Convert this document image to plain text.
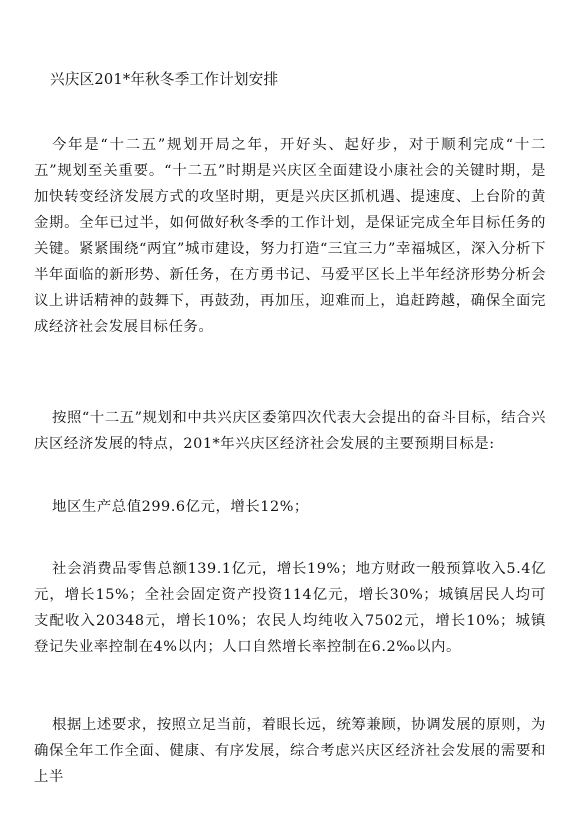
兴庆区201*年秋冬季工作计划安排

今年是“十二五”规划开局之年，开好头、起好步，对于顺利完成“十二五”规划至关重要。“十二五”时期是兴庆区全面建设小康社会的关键时期，是加快转变经济发展方式的攻坚时期，更是兴庆区抓机遇、提速度、上台阶的黄金期。全年已过半，如何做好秋冬季的工作计划，是保证完成全年目标任务的关键。紧紧围绕“两宜”城市建设，努力打造“三宜三力”幸福城区，深入分析下半年面临的新形势、新任务，在方勇书记、马爱平区长上半年经济形势分析会议上讲话精神的鼓舞下，再鼓劲，再加压，迎难而上，追赶跨越，确保全面完成经济社会发展目标任务。

按照“十二五”规划和中共兴庆区委第四次代表大会提出的奋斗目标，结合兴庆区经济发展的特点，201*年兴庆区经济社会发展的主要预期目标是:

地区生产总值299.6亿元，增长12%；

社会消费品零售总额139.1亿元，增长19%；地方财政一般预算收入5.4亿元，增长15%；全社会固定资产投资114亿元，增长30%；城镇居民人均可支配收入20348元，增长10%；农民人均纯收入7502元，增长10%；城镇登记失业率控制在4%以内；人口自然增长率控制在6.2‰以内。

根据上述要求，按照立足当前，着眼长远，统筹兼顾，协调发展的原则，为确保全年工作全面、健康、有序发展，综合考虑兴庆区经济社会发展的需要和上半
